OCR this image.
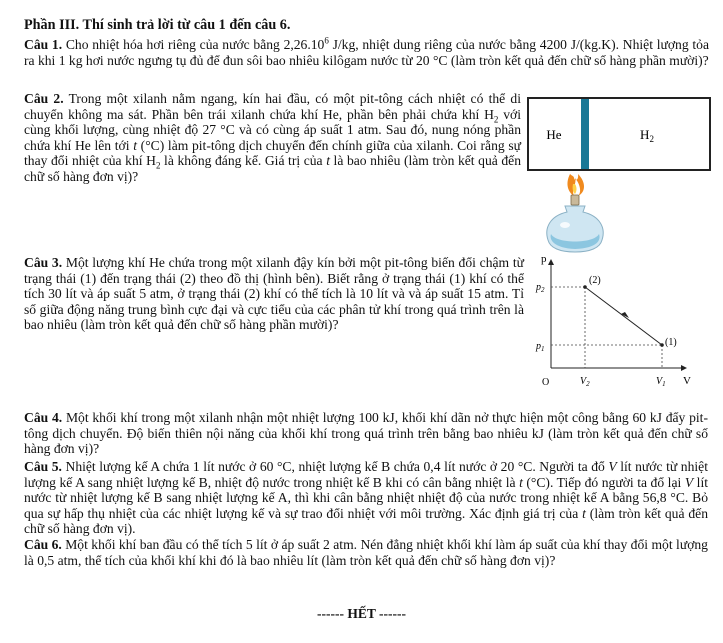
Phần III. Thí sinh trả lời từ câu 1 đến câu 6.
Câu 1. Cho nhiệt hóa hơi riêng của nước bằng 2,26.10$^6$ J/kg, nhiệt dung riêng của nước bằng 4200 J/(kg.K). Nhiệt lượng tỏa ra khi 1 kg hơi nước ngưng tụ đủ để đun sôi bao nhiêu kilôgam nước từ 20 °C (làm tròn kết quả đến chữ số hàng phần mười)?
Câu 2. Trong một xilanh nằm ngang, kín hai đầu, có một pit-tông cách nhiệt có thể di chuyển không ma sát. Phần bên trái xilanh chứa khí He, phần bên phải chứa khí $H_2$ với cùng khối lượng, cùng nhiệt độ 27 °C và có cùng áp suất 1 atm. Sau đó, nung nóng phần chứa khí He lên tới t (°C) làm pit-tông dịch chuyển đến chính giữa của xilanh. Coi rằng sự thay đổi nhiệt của khí $H_2$ là không đáng kể. Giá trị của t là bao nhiêu (làm tròn kết quả đến chữ số hàng đơn vị)?
He	$H_2$
Câu 3. Một lượng khí He chứa trong một xilanh đậy kín bởi một pit-tông biến đổi chậm từ trạng thái (1) đến trạng thái (2) theo đồ thị (hình bên). Biết rằng ở trạng thái (1) khí có thể tích 30 lít và áp suất 5 atm, ở trạng thái (2) khí có thể tích là 10 lít và và áp suất 15 atm. Tỉ số giữa động năng trung bình cực đại và cực tiểu của các phân tử khí trong quá trình trên là bao nhiêu (làm tròn kết quả đến chữ số hàng phần mười)?
p
V
O
$p_2$
$p_1$
$V_2$	$V_1$
(2)
(1)
Câu 4. Một khối khí trong một xilanh nhận một nhiệt lượng 100 kJ, khối khí dãn nở thực hiện một công bằng 60 kJ đẩy pit-tông dịch chuyển. Độ biến thiên nội năng của khối khí trong quá trình trên bằng bao nhiêu kJ (làm tròn kết quả đến chữ số hàng đơn vị)?
Câu 5. Nhiệt lượng kế A chứa 1 lít nước ở 60 °C, nhiệt lượng kế B chứa 0,4 lít nước ở 20 °C. Người ta đổ V lít nước từ nhiệt lượng kế A sang nhiệt lượng kế B, nhiệt độ nước trong nhiệt kế B khi có cân bằng nhiệt là t (°C). Tiếp đó người ta đổ lại V lít nước từ nhiệt lượng kế B sang nhiệt lượng kế A, thì khi cân bằng nhiệt nhiệt độ của nước trong nhiệt kế A bằng 56,8 °C. Bỏ qua sự hấp thụ nhiệt của các nhiệt lượng kế và sự trao đổi nhiệt với môi trường. Xác định giá trị của t (làm tròn kết quả đến chữ số hàng đơn vị).
Câu 6. Một khối khí ban đầu có thể tích 5 lít ở áp suất 2 atm. Nén đẳng nhiệt khối khí làm áp suất của khí thay đổi một lượng là 0,5 atm, thể tích của khối khí khi đó là bao nhiêu lít (làm tròn kết quả đến chữ số hàng đơn vị)?
------ HẾT ------
